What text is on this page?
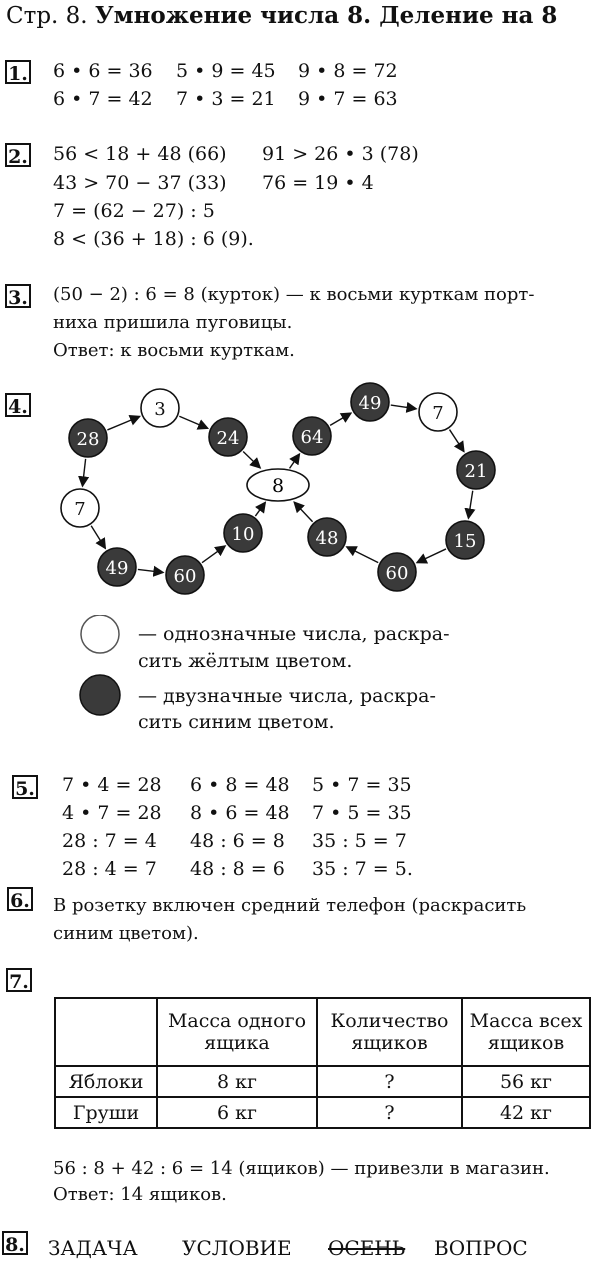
Стр. 8. Умножение числа 8. Деление на 8
1. 6 • 6 = 36 5 • 9 = 45 9 • 8 = 72
6 • 7 = 42 7 • 3 = 21 9 • 7 = 63
2. 56 < 18 + 48 (66) 91 > 26 • 3 (78)
43 > 70 − 37 (33) 76 = 19 • 4
7 = (62 − 27) : 5
8 < (36 + 18) : 6 (9).
3. (50 − 2) : 6 = 8 (курток) — к восьми курткам порт-
ниха пришила пуговицы.
Ответ: к восьми курткам.
4.
8
3
28	24
7
49	60
10
64
49	7
21
48	15
60
— однозначные числа, раскра-
сить жёлтым цветом.
— двузначные числа, раскра-
сить синим цветом.
5. 7 • 4 = 28 6 • 8 = 48 5 • 7 = 35
4 • 7 = 28 8 • 6 = 48 7 • 5 = 35
28 : 7 = 4 48 : 6 = 8 35 : 5 = 7
28 : 4 = 7 48 : 8 = 6 35 : 7 = 5.
6. В розетку включен средний телефон (раскрасить
синим цветом).
7.
	Масса одного ящика	Количество ящиков	Масса всех ящиков
Яблоки	8 кг	?	56 кг
Груши	6 кг	?	42 кг
56 : 8 + 42 : 6 = 14 (ящиков) — привезли в магазин.
Ответ: 14 ящиков.
8. ЗАДАЧА УСЛОВИЕ ОСЕНЬ ВОПРОС
